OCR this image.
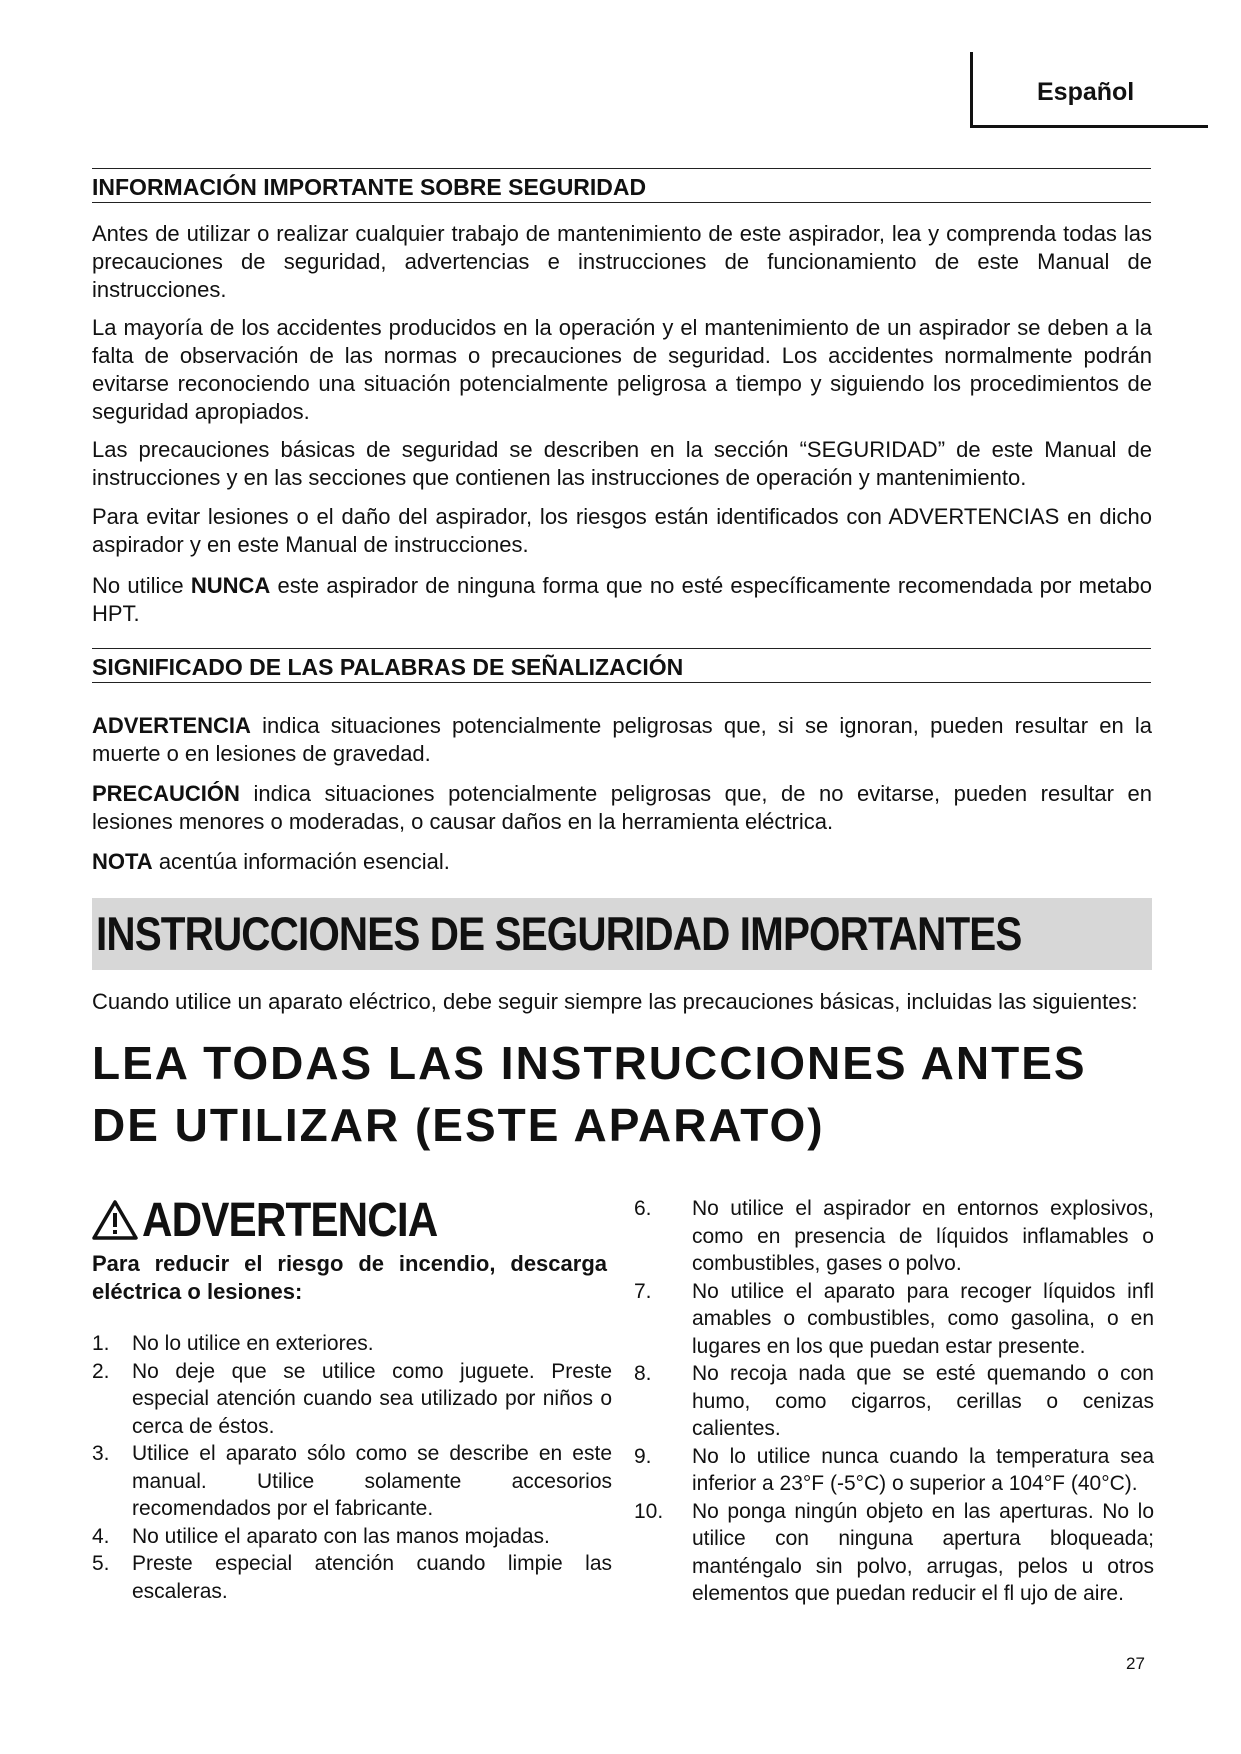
Español
INFORMACIÓN IMPORTANTE SOBRE SEGURIDAD
Antes de utilizar o realizar cualquier trabajo de mantenimiento de este aspirador, lea y comprenda todas las precauciones de seguridad, advertencias e instrucciones de funcionamiento de este Manual de instrucciones.
La mayoría de los accidentes producidos en la operación y el mantenimiento de un aspirador se deben a la falta de observación de las normas o precauciones de seguridad. Los accidentes normalmente podrán evitarse reconociendo una situación potencialmente peligrosa a tiempo y siguiendo los procedimientos de seguridad apropiados.
Las precauciones básicas de seguridad se describen en la sección “SEGURIDAD” de este Manual de instrucciones y en las secciones que contienen las instrucciones de operación y mantenimiento.
Para evitar lesiones o el daño del aspirador, los riesgos están identificados con ADVERTENCIAS en dicho aspirador y en este Manual de instrucciones.
No utilice NUNCA este aspirador de ninguna forma que no esté específicamente recomendada por metabo HPT.
SIGNIFICADO DE LAS PALABRAS DE SEÑALIZACIÓN
ADVERTENCIA indica situaciones potencialmente peligrosas que, si se ignoran, pueden resultar en la muerte o en lesiones de gravedad.
PRECAUCIÓN indica situaciones potencialmente peligrosas que, de no evitarse, pueden resultar en lesiones menores o moderadas, o causar daños en la herramienta eléctrica.
NOTA acentúa información esencial.
INSTRUCCIONES DE SEGURIDAD IMPORTANTES
Cuando utilice un aparato eléctrico, debe seguir siempre las precauciones básicas, incluidas las siguientes:
LEA TODAS LAS INSTRUCCIONES ANTES DE UTILIZAR (ESTE APARATO)
ADVERTENCIA
Para reducir el riesgo de incendio, descarga eléctrica o lesiones:
1.	No lo utilice en exteriores.
2.	No deje que se utilice como juguete. Preste especial atención cuando sea utilizado por niños o cerca de éstos.
3.	Utilice el aparato sólo como se describe en este manual. Utilice solamente accesorios recomendados por el fabricante.
4.	No utilice el aparato con las manos mojadas.
5.	Preste especial atención cuando limpie las escaleras.
6.	No utilice el aspirador en entornos explosivos, como en presencia de líquidos inflamables o combustibles, gases o polvo.
7.	No utilice el aparato para recoger líquidos infl amables o combustibles, como gasolina, o en lugares en los que puedan estar presente.
8.	No recoja nada que se esté quemando o con humo, como cigarros, cerillas o cenizas calientes.
9.	No lo utilice nunca cuando la temperatura sea inferior a 23°F (-5°C) o superior a 104°F (40°C).
10.	No ponga ningún objeto en las aperturas. No lo utilice con ninguna apertura bloqueada; manténgalo sin polvo, arrugas, pelos u otros elementos que puedan reducir el fl ujo de aire.
27
